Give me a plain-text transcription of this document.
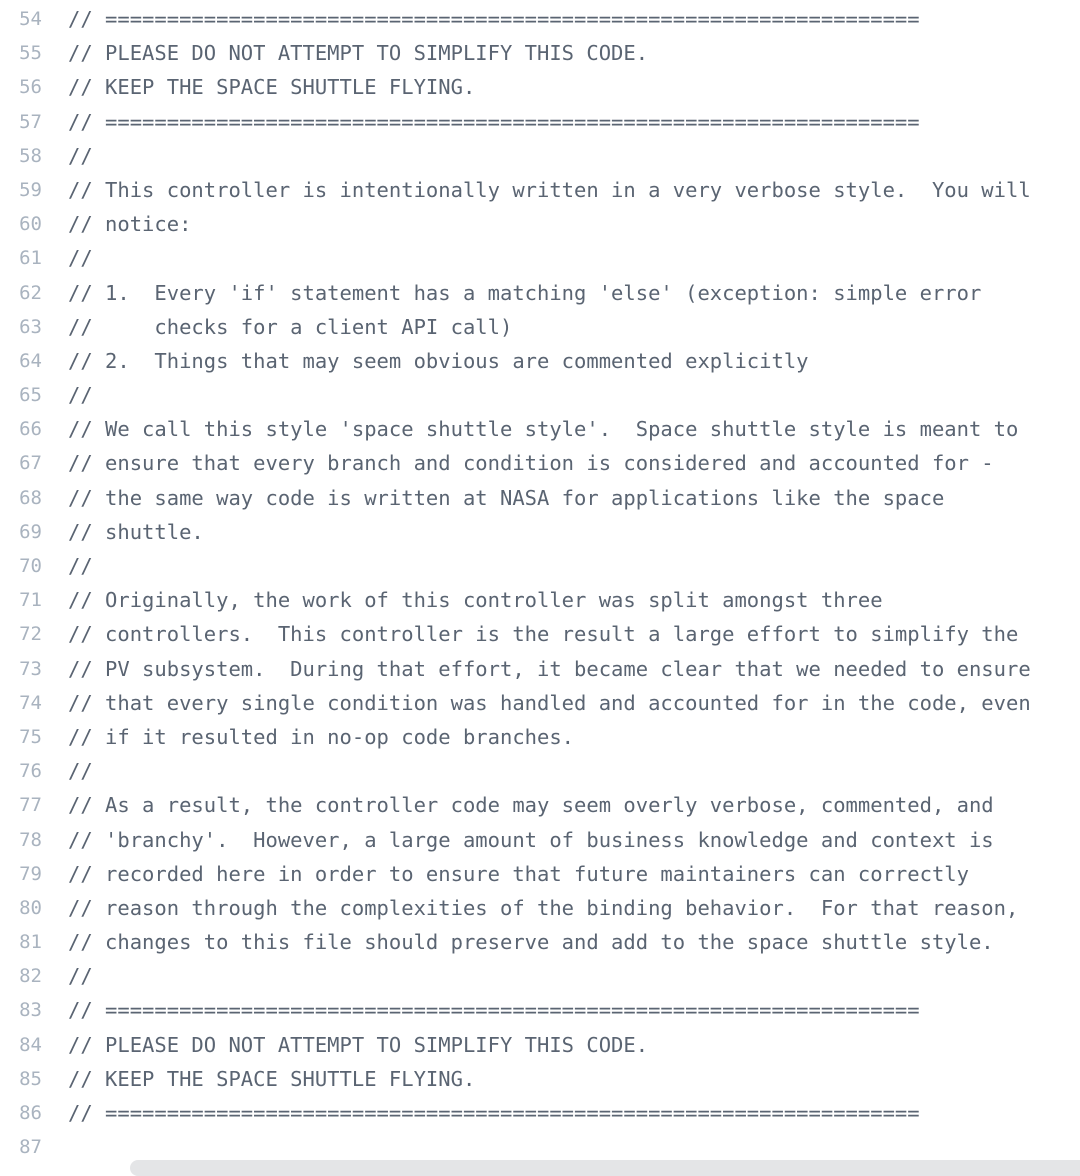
54	// ==================================================================
55	// PLEASE DO NOT ATTEMPT TO SIMPLIFY THIS CODE.
56	// KEEP THE SPACE SHUTTLE FLYING.
57	// ==================================================================
58	//
59	// This controller is intentionally written in a very verbose style.  You will
60	// notice:
61	//
62	// 1.  Every 'if' statement has a matching 'else' (exception: simple error
63	//     checks for a client API call)
64	// 2.  Things that may seem obvious are commented explicitly
65	//
66	// We call this style 'space shuttle style'.  Space shuttle style is meant to
67	// ensure that every branch and condition is considered and accounted for -
68	// the same way code is written at NASA for applications like the space
69	// shuttle.
70	//
71	// Originally, the work of this controller was split amongst three
72	// controllers.  This controller is the result a large effort to simplify the
73	// PV subsystem.  During that effort, it became clear that we needed to ensure
74	// that every single condition was handled and accounted for in the code, even
75	// if it resulted in no-op code branches.
76	//
77	// As a result, the controller code may seem overly verbose, commented, and
78	// 'branchy'.  However, a large amount of business knowledge and context is
79	// recorded here in order to ensure that future maintainers can correctly
80	// reason through the complexities of the binding behavior.  For that reason,
81	// changes to this file should preserve and add to the space shuttle style.
82	//
83	// ==================================================================
84	// PLEASE DO NOT ATTEMPT TO SIMPLIFY THIS CODE.
85	// KEEP THE SPACE SHUTTLE FLYING.
86	// ==================================================================
87
